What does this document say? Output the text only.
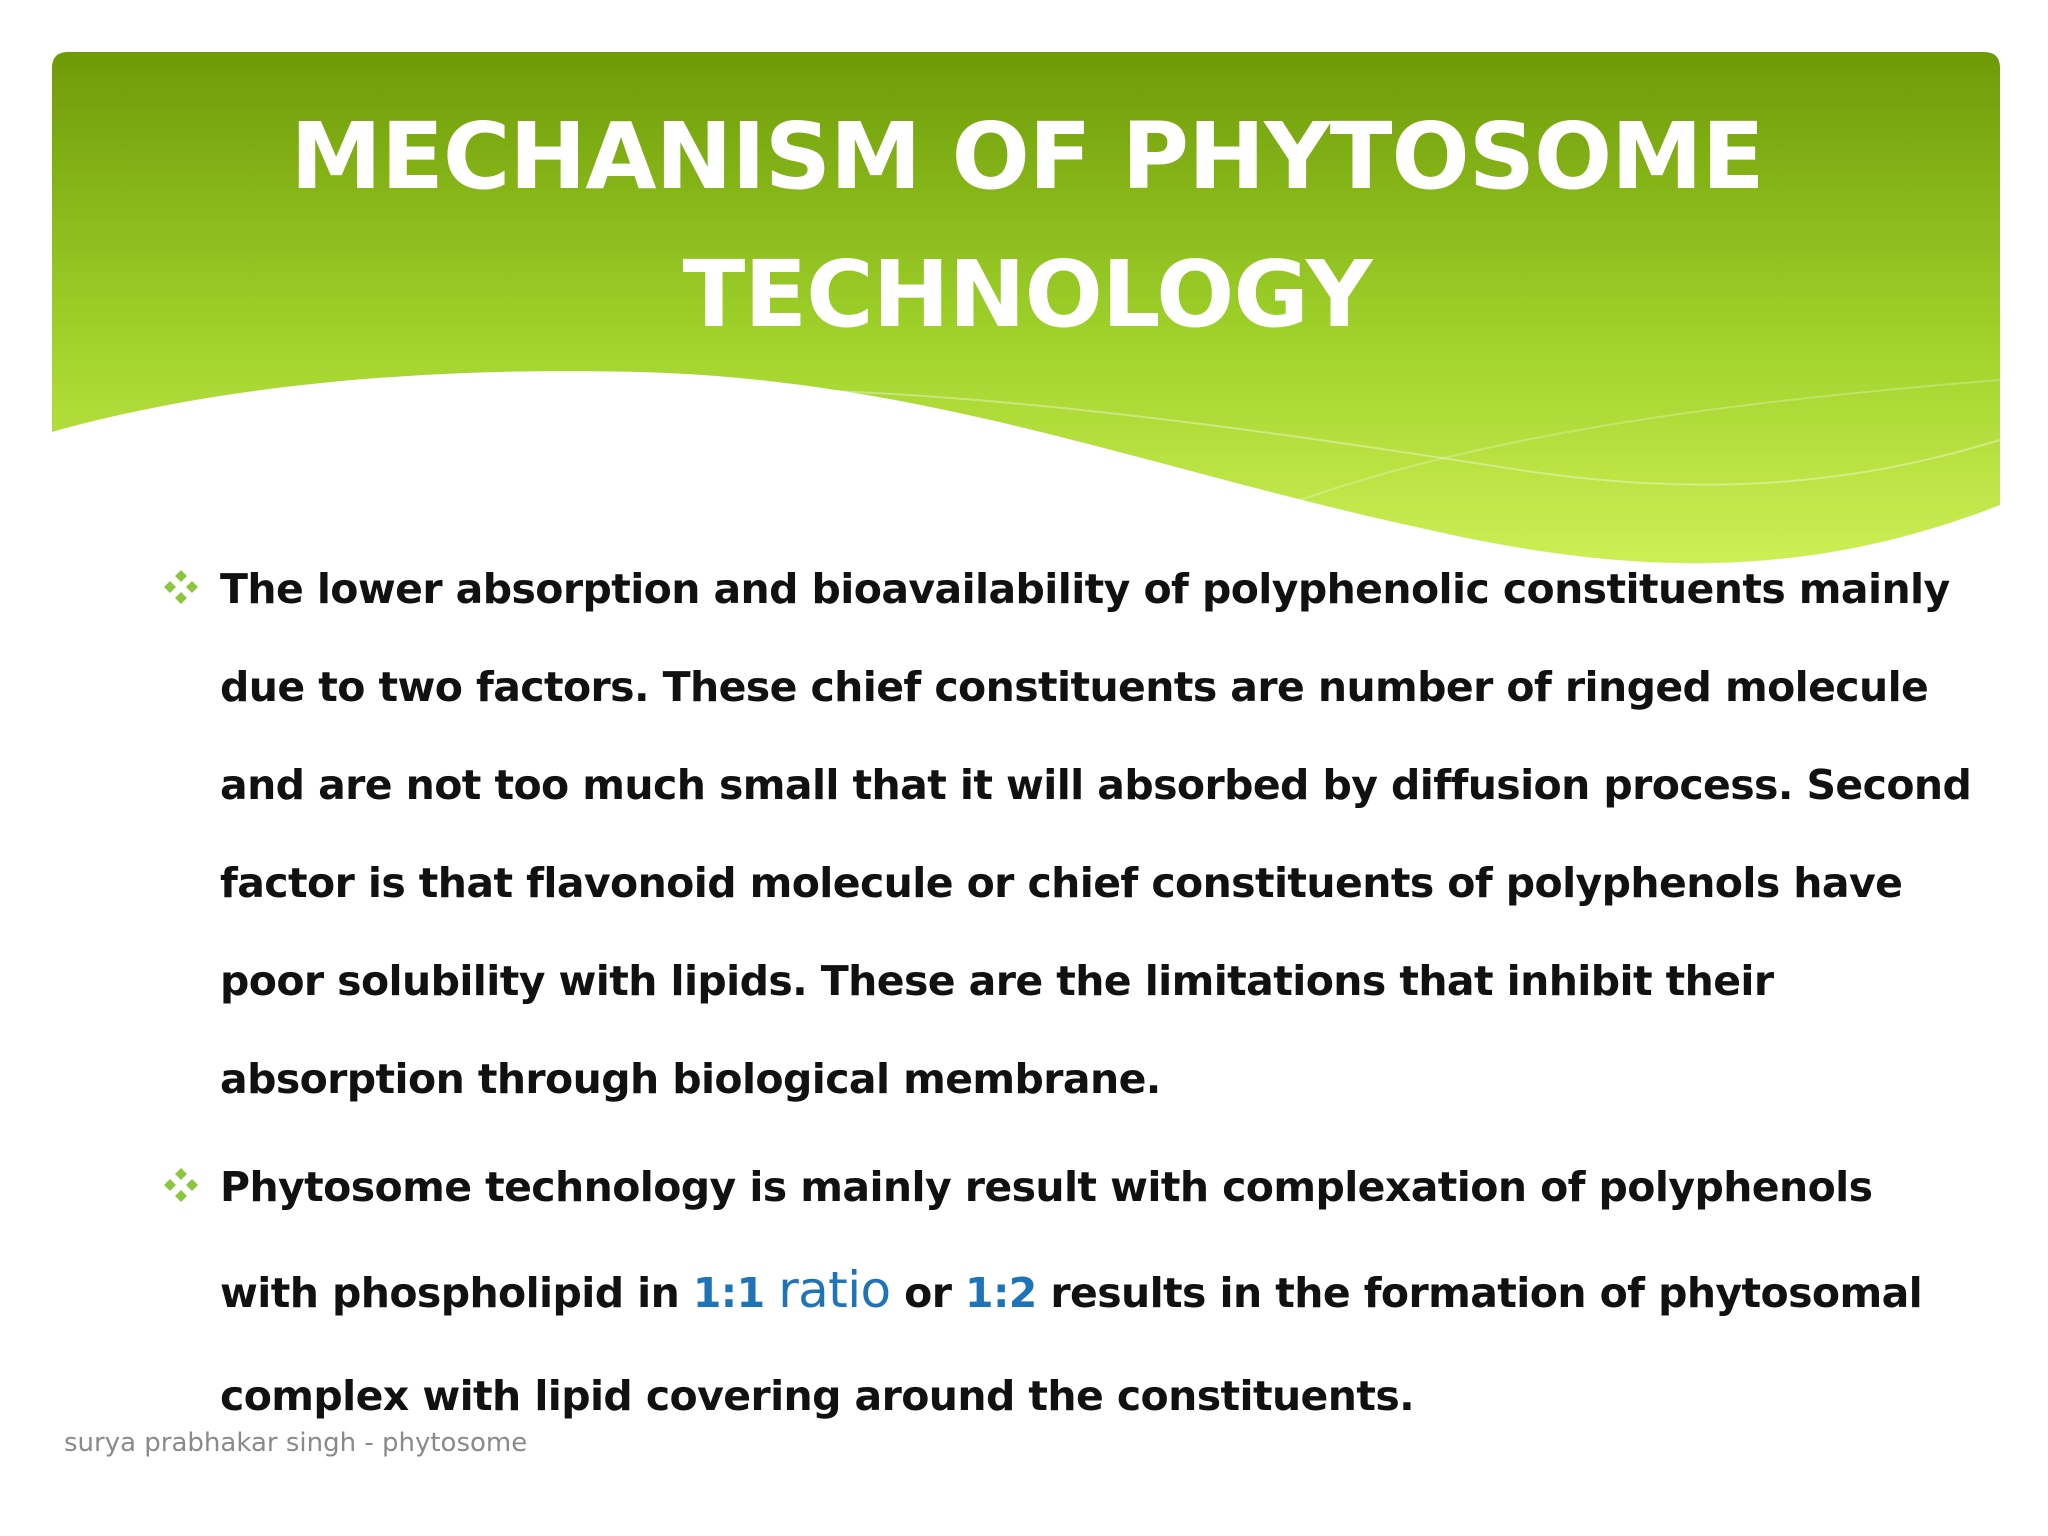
MECHANISM OF PHYTOSOME
TECHNOLOGY
The lower absorption and bioavailability of polyphenolic constituents mainly
due to two factors. These chief constituents are number of ringed molecule
and are not too much small that it will absorbed by diffusion process. Second
factor is that flavonoid molecule or chief constituents of polyphenols have
poor solubility with lipids. These are the limitations that inhibit their
absorption through biological membrane.
Phytosome technology is mainly result with complexation of polyphenols
with phospholipid in 1:1 ratio or 1:2 results in the formation of phytosomal
complex with lipid covering around the constituents.
surya prabhakar singh - phytosome
